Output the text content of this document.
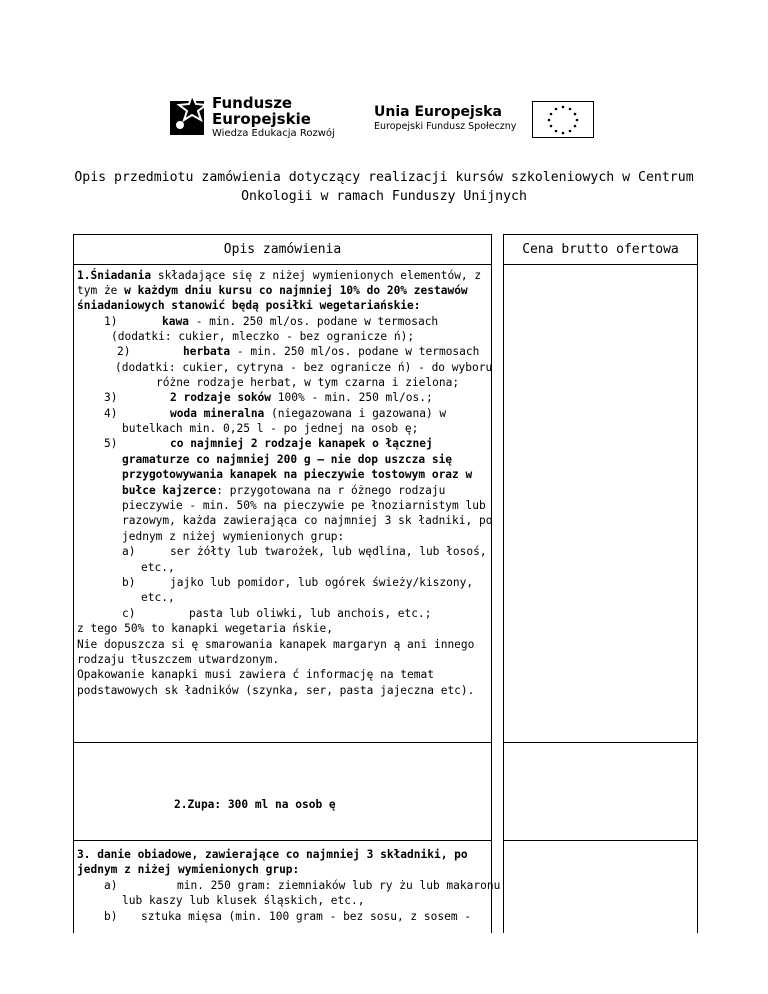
Fundusze
Europejskie
Wiedza Edukacja Rozwój
Unia Europejska
Europejski Fundusz Społeczny
Opis przedmiotu zamówienia dotyczący realizacji kursów szkoleniowych w Centrum
Onkologii w ramach Funduszy Unijnych
Opis zamówienia		Cena brutto ofertowa

1.Śniadania składające się z niżej wymienionych elementów, z
tym że w każdym dniu kursu co najmniej 10% do 20% zestawów
śniadaniowych stanowić będą posiłki wegetariańskie:
1)	kawa - min. 250 ml/os. podane w termosach
(dodatki: cukier, mleczko - bez ogranicze ń);
2)	herbata - min. 250 ml/os. podane w termosach
(dodatki: cukier, cytryna - bez ogranicze ń) - do wyboru
różne rodzaje herbat, w tym czarna i zielona;
3)	2 rodzaje soków 100% - min. 250 ml/os.;
4)	woda mineralna (niegazowana i gazowana) w
butelkach min. 0,25 l - po jednej na osob ę;
5)	co najmniej 2 rodzaje kanapek o łącznej
gramaturze co najmniej 200 g – nie dop uszcza się
przygotowywania kanapek na pieczywie tostowym oraz w
bułce kajzerce: przygotowana na r óżnego rodzaju
pieczywie - min. 50% na pieczywie pe łnoziarnistym lub
razowym, każda zawierająca co najmniej 3 sk ładniki, po
jednym z niżej wymienionych grup:
a)	ser żółty lub twarożek, lub wędlina, lub łosoś,
etc.,
b)	jajko lub pomidor, lub ogórek świeży/kiszony,
etc.,
c)	pasta lub oliwki, lub anchois, etc.;
z tego 50% to kanapki wegetaria ńskie,
Nie dopuszcza si ę smarowania kanapek margaryn ą ani innego
rodzaju tłuszczem utwardzonym.
Opakowanie kanapki musi zawiera ć informację na temat
podstawowych sk ładników (szynka, ser, pasta jajeczna etc).
2.Zupa: 300 ml na osob ę
3. danie obiadowe, zawierające co najmniej 3 składniki, po
jednym z niżej wymienionych grup:
a)	min. 250 gram: ziemniaków lub ry żu lub makaronu
lub kaszy lub klusek śląskich, etc.,
b) sztuka mięsa (min. 100 gram - bez sosu, z sosem -
